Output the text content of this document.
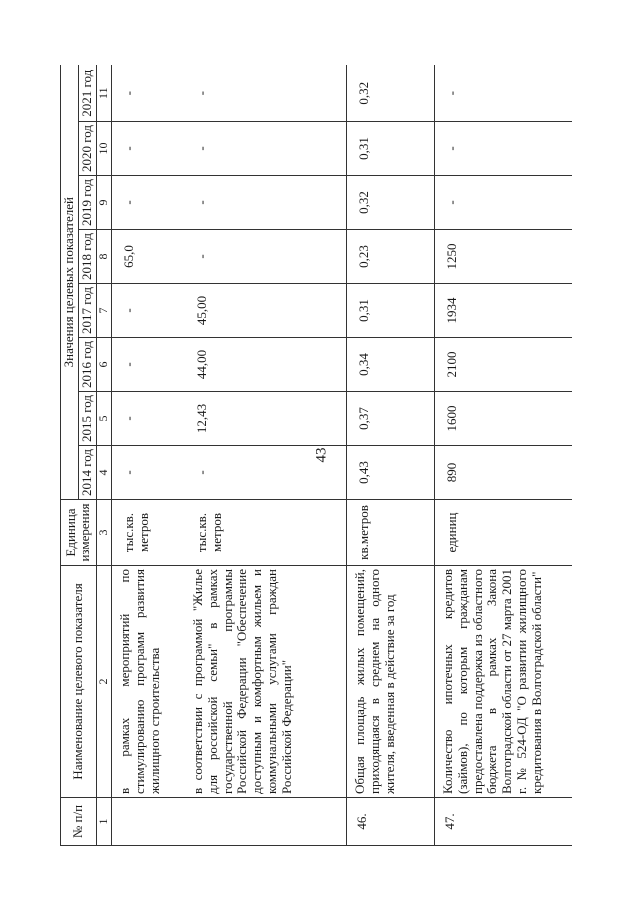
43
№ п/п	Наименование целевого показателя	Единица измерения	Значения целевых показателей							
			2014 год	2015 год	2016 год	2017 год	2018 год	2019 год	2020 год	2021 год
1	2	3	4	5	6	7	8	9	10	11
	в рамках мероприятий по стимулированию программ развития жилищного строительства	тыс.кв. метров	-	-	-	-	65,0	-	-	-
	в соответствии с программой "Жилье для российской семьи" в рамках государственной программы Российской Федерации "Обеспечение доступным и комфортным жильем и коммунальными услугами граждан Российской Федерации"	тыс.кв. метров	-	12,43	44,00	45,00	-	-	-	-
46.	Общая площадь жилых помещений, приходящаяся в среднем на одного жителя, введенная в действие за год	кв.метров	0,43	0,37	0,34	0,31	0,23	0,32	0,31	0,32
47.	Количество ипотечных кредитов (займов), по которым гражданам предоставлена поддержка из областного бюджета в рамках Закона Волгоградской области от 27 марта 2001 г. № 524-ОД "О развитии жилищного кредитования в Волгоградской области"	единиц	890	1600	2100	1934	1250	-	-	-
